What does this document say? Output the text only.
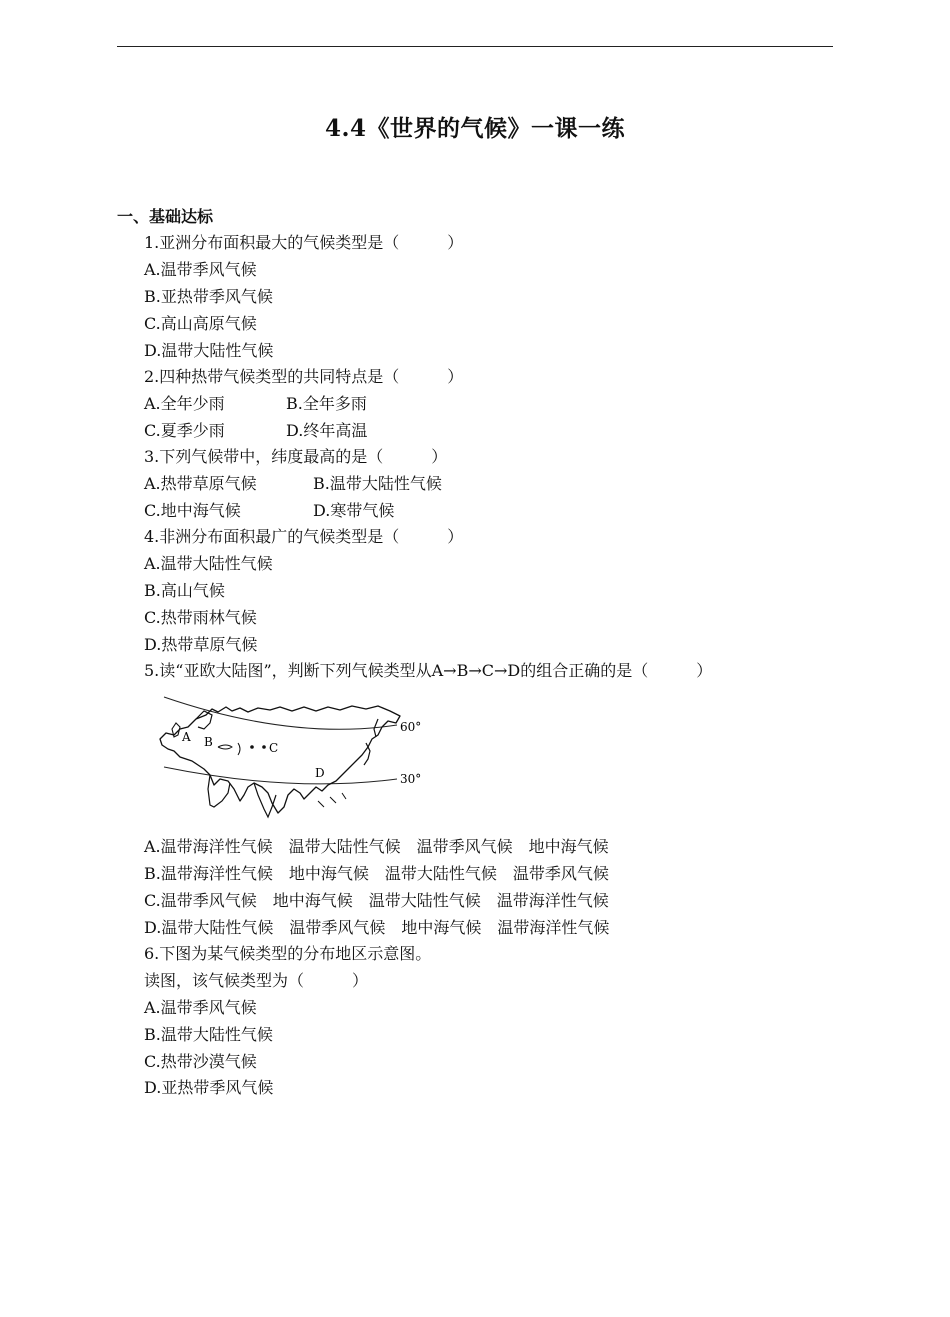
4.4《世界的气候》一课一练
一、基础达标
1.亚洲分布面积最大的气候类型是（　　　）
A.温带季风气候
B.亚热带季风气候
C.高山高原气候
D.温带大陆性气候
2.四种热带气候类型的共同特点是（　　　）
A.全年少雨	B.全年多雨
C.夏季少雨	D.终年高温
3.下列气候带中，纬度最高的是（　　　）
A.热带草原气候	B.温带大陆性气候
C.地中海气候	D.寒带气候
4.非洲分布面积最广的气候类型是（　　　）
A.温带大陆性气候
B.高山气候
C.热带雨林气候
D.热带草原气候
5.读“亚欧大陆图”，判断下列气候类型从A→B→C→D的组合正确的是（　　　）
A B	C
D
60°
30°
A.温带海洋性气候　温带大陆性气候　温带季风气候　地中海气候
B.温带海洋性气候　地中海气候　温带大陆性气候　温带季风气候
C.温带季风气候　地中海气候　温带大陆性气候　温带海洋性气候
D.温带大陆性气候　温带季风气候　地中海气候　温带海洋性气候
6.下图为某气候类型的分布地区示意图。
读图，该气候类型为（　　　）
A.温带季风气候
B.温带大陆性气候
C.热带沙漠气候
D.亚热带季风气候
